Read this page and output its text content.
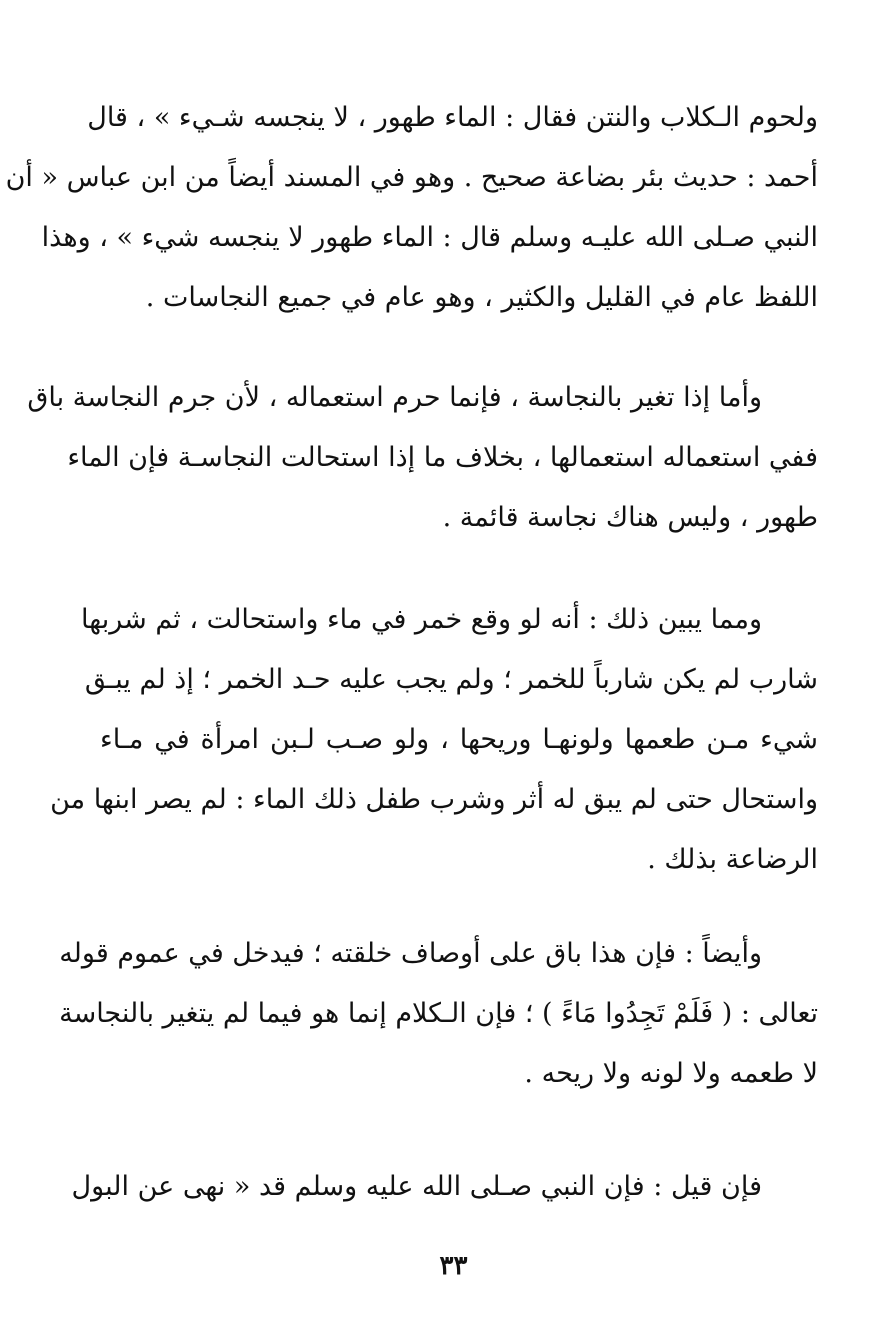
ولحوم الـكلاب والنتن فقال : الماء طهور ، لا ينجسه شـيء » ، قال
أحمد : حديث بئر بضاعة صحيح . وهو في المسند أيضاً من ابن عباس « أن
النبي صـلى الله عليـه وسلم قال : الماء طهور لا ينجسه شيء » ، وهذا
اللفظ عام في القليل والكثير ، وهو عام في جميع النجاسات .
وأما إذا تغير بالنجاسة ، فإنما حرم استعماله ، لأن جرم النجاسة باق
ففي استعماله استعمالها ، بخلاف ما إذا استحالت النجاسـة فإن الماء
طهور ، وليس هناك نجاسة قائمة .
ومما يبين ذلك : أنه لو وقع خمر في ماء واستحالت ، ثم شربها
شارب لم يكن شارباً للخمر ؛ ولم يجب عليه حـد الخمر ؛ إذ لم يبـق
شيء مـن طعمها ولونهـا وريحها ، ولو صـب لـبن امرأة في مـاء
واستحال حتى لم يبق له أثر وشرب طفل ذلك الماء : لم يصر ابنها من
الرضاعة بذلك .
وأيضاً : فإن هذا باق على أوصاف خلقته ؛ فيدخل في عموم قوله
تعالى : ( فَلَمْ تَجِدُوا مَاءً ) ؛ فإن الـكلام إنما هو فيما لم يتغير بالنجاسة
لا طعمه ولا لونه ولا ريحه .
فإن قيل : فإن النبي صـلى الله عليه وسلم قد « نهى عن البول
٣٣
